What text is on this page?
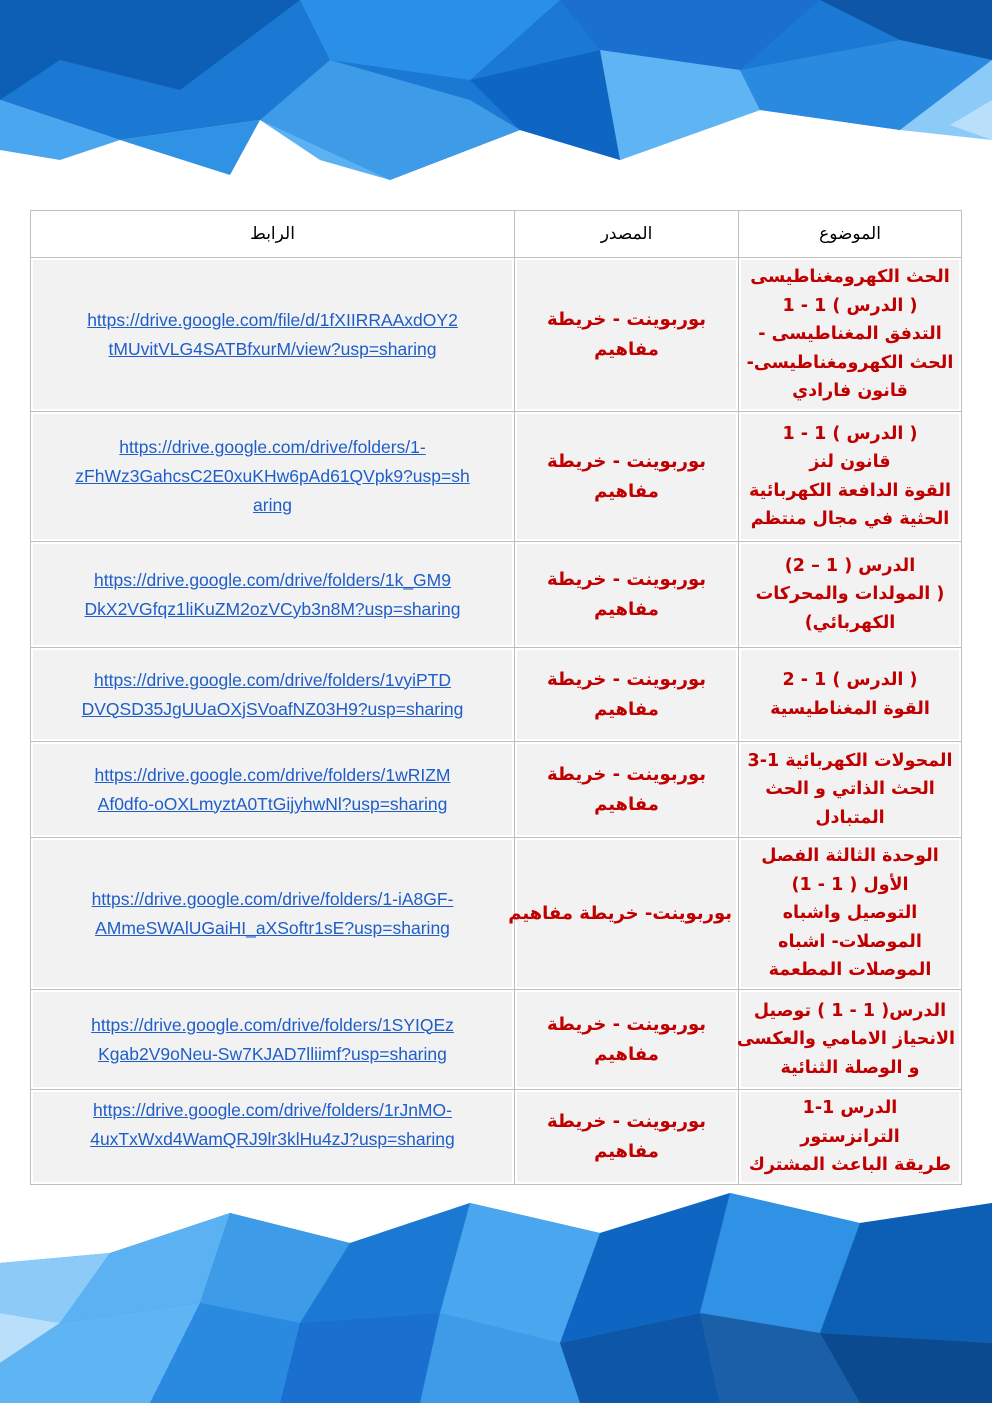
الرابط	المصدر	الموضوع

https://drive.google.com/file/d/1fXIIRRAAxdOY2
tMUvitVLG4SATBfxurM/view?usp=sharing	بوربوينت - خريطة
مفاهيم	الحث الكهرومغناطيسى
( الدرس ) 1 - 1
التدفق المغناطيسى -
الحث الكهرومغناطيسى-
قانون فارادي

https://drive.google.com/drive/folders/1-
zFhWz3GahcsC2E0xuKHw6pAd61QVpk9?usp=sh
aring	بوربوينت - خريطة
مفاهيم	( الدرس ) 1 - 1
قانون لنز
القوة الدافعة الكهربائية
الحثية في مجال منتظم

https://drive.google.com/drive/folders/1k_GM9
DkX2VGfqz1liKuZM2ozVCyb3n8M?usp=sharing	بوربوينت - خريطة
مفاهيم	الدرس ( 1 – 2)
( المولدات والمحركات
الكهربائي)

https://drive.google.com/drive/folders/1vyiPTD
DVQSD35JgUUaOXjSVoafNZ03H9?usp=sharing	بوربوينت - خريطة
مفاهيم	( الدرس ) 1 - 2
القوة المغناطيسية

https://drive.google.com/drive/folders/1wRIZM
Af0dfo-oOXLmyztA0TtGijyhwNl?usp=sharing	بوربوينت - خريطة
مفاهيم	المحولات الكهربائية 1-3
الحث الذاتي و الحث
المتبادل

https://drive.google.com/drive/folders/1-iA8GF-
AMmeSWAlUGaiHI_aXSoftr1sE?usp=sharing	بوربوينت- خريطة مفاهيم	الوحدة الثالثة الفصل
الأول ( 1 - 1)
التوصيل واشباه
الموصلات- اشباه
الموصلات المطعمة

https://drive.google.com/drive/folders/1SYIQEz
Kgab2V9oNeu-Sw7KJAD7lliimf?usp=sharing	بوربوينت - خريطة
مفاهيم	الدرس( 1 - 1 ) توصيل
الانحياز الامامي والعكسى
و الوصلة الثنائية

https://drive.google.com/drive/folders/1rJnMO-
4uxTxWxd4WamQRJ9lr3klHu4zJ?usp=sharing	بوربوينت - خريطة
مفاهيم	الدرس 1-1
الترانزستور
طريقة الباعث المشترك
